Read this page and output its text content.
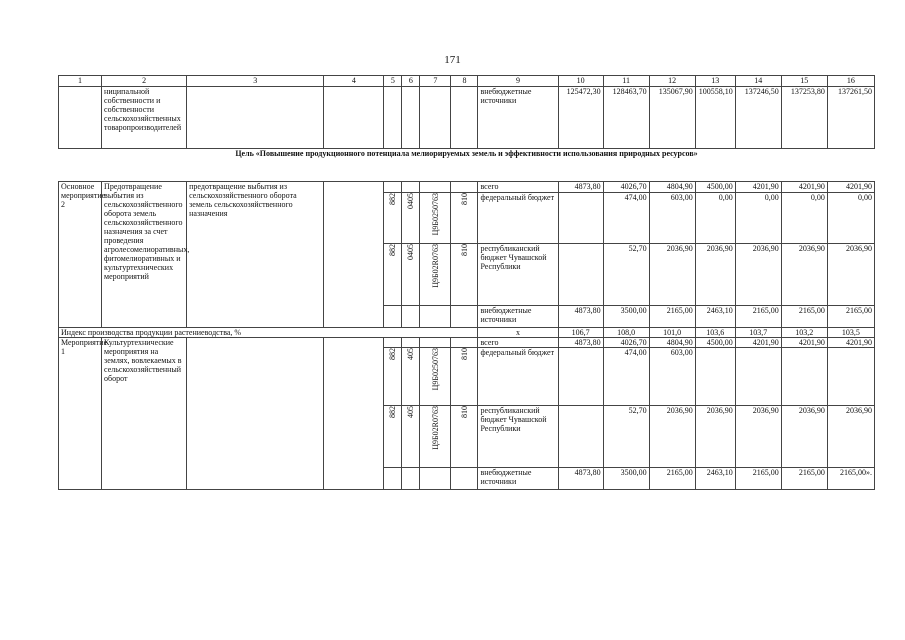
171
1	2	3	4	5	6	7	8	9	10	11	12	13	14	15	16
	ниципальной собственности и собственности сельскохозяйственных товаропроизводителей							внебюджетные источники	125472,30	128463,70	135067,90	100558,10	137246,50	137253,80	137261,50
Цель «Повышение продукционного потенциала мелиорируемых земель и эффективности использования природных ресурсов»															
Основное мероприятие 2	Предотвращение выбытия из сельскохозяйственного оборота земель сельскохозяйственного назначения за счет проведения агролесомелиоративных, фитомелиоративных и культуртехнических мероприятий	предотвращение выбытия из сельскохозяйственного оборота земель сельскохозяйственного назначения						всего	4873,80	4026,70	4804,90	4500,00	4201,90	4201,90	4201,90
				882	0405	Ц9Б0250763	810	федеральный бюджет		474,00	603,00	0,00	0,00	0,00	0,00
				882	0405	Ц9Б02R0763	810	республиканский бюджет Чувашской Республики		52,70	2036,90	2036,90	2036,90	2036,90	2036,90
								внебюджетные источники	4873,80	3500,00	2165,00	2463,10	2165,00	2165,00	2165,00
Индекс производства продукции растениеводства, %								x	106,7	108,0	101,0	103,6	103,7	103,2	103,5
Мероприятие 1	Культуртехнические мероприятия на землях, вовлекаемых в сельскохозяйственный оборот							всего	4873,80	4026,70	4804,90	4500,00	4201,90	4201,90	4201,90
				882	405	Ц9Б0250763	810	федеральный бюджет		474,00	603,00				
				882	405	Ц9Б02R0763	810	республиканский бюджет Чувашской Республики		52,70	2036,90	2036,90	2036,90	2036,90	2036,90
								внебюджетные источники	4873,80	3500,00	2165,00	2463,10	2165,00	2165,00	2165,00».
